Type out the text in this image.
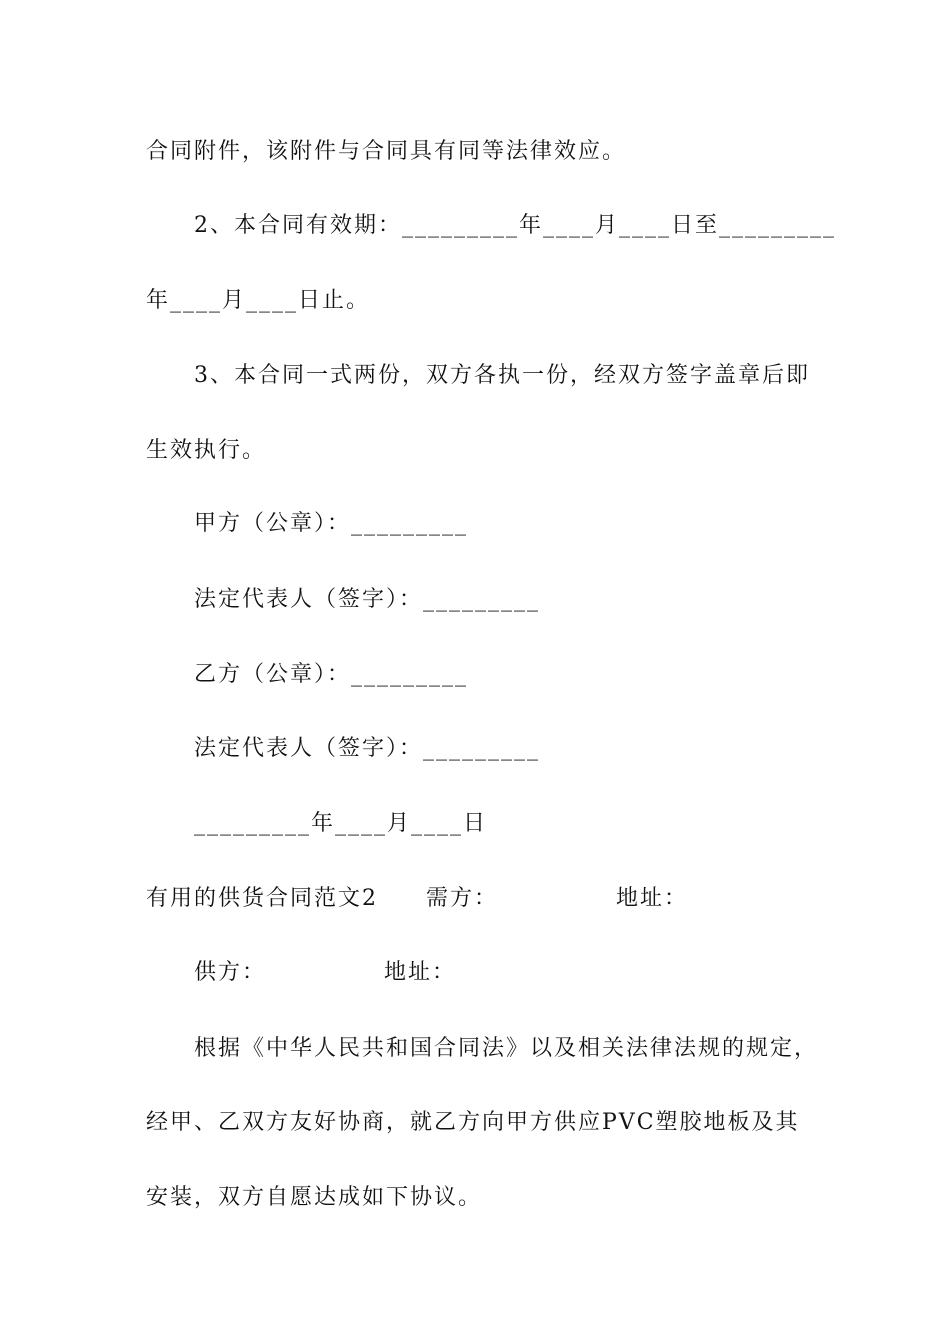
合同附件，该附件与合同具有同等法律效应。
2、本合同有效期：_________年____月____日至_________
年____月____日止。
3、本合同一式两份，双方各执一份，经双方签字盖章后即
生效执行。
甲方（公章）：_________
法定代表人（签字）：_________
乙方（公章）：_________
法定代表人（签字）：_________
_________年____月____日
有用的供货合同范文2　　需方：　　　　　 地址：
供方：　　　　　 地址：
根据《中华人民共和国合同法》以及相关法律法规的规定，
经甲、乙双方友好协商，就乙方向甲方供应PVC塑胶地板及其
安装，双方自愿达成如下协议。
